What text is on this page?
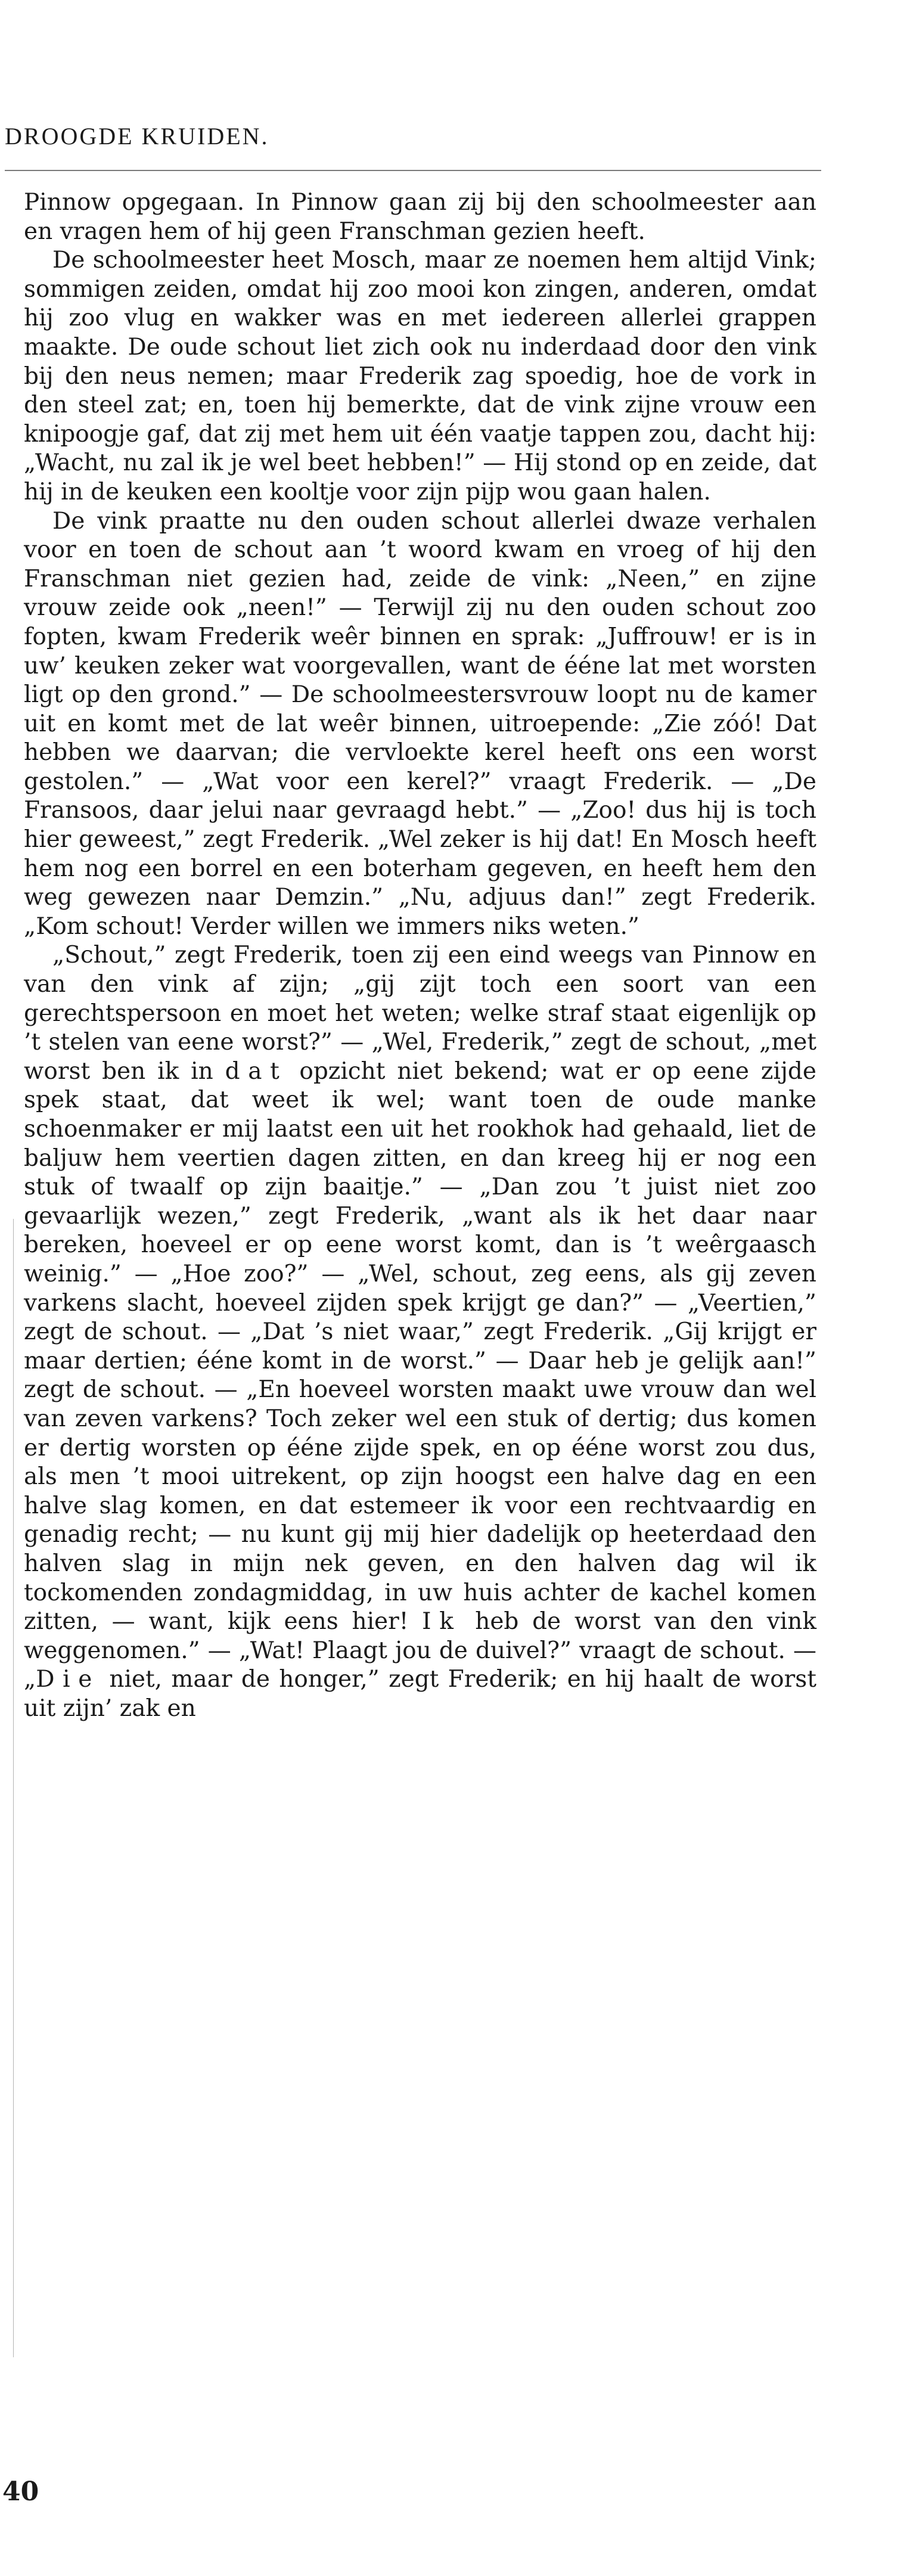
DROOGDE KRUIDEN.

Pinnow opgegaan. In Pinnow gaan zij bij den schoolmeester aan en vragen hem of hij geen Franschman gezien heeft.

De schoolmeester heet Mosch, maar ze noemen hem altijd Vink; sommigen zeiden, omdat hij zoo mooi kon zingen, anderen, omdat hij zoo vlug en wakker was en met iedereen allerlei grappen maakte. De oude schout liet zich ook nu inderdaad door den vink bij den neus nemen; maar Frederik zag spoedig, hoe de vork in den steel zat; en, toen hij bemerkte, dat de vink zijne vrouw een knipoogje gaf, dat zij met hem uit één vaatje tappen zou, dacht hij: „Wacht, nu zal ik je wel beet hebben!” — Hij stond op en zeide, dat hij in de keuken een kooltje voor zijn pijp wou gaan halen.

De vink praatte nu den ouden schout allerlei dwaze verhalen voor en toen de schout aan ’t woord kwam en vroeg of hij den Franschman niet gezien had, zeide de vink: „Neen,” en zijne vrouw zeide ook „neen!” — Terwijl zij nu den ouden schout zoo fopten, kwam Frederik weêr binnen en sprak: „Juffrouw! er is in uw’ keuken zeker wat voorgevallen, want de ééne lat met worsten ligt op den grond.” — De schoolmeestersvrouw loopt nu de kamer uit en komt met de lat weêr binnen, uitroepende: „Zie zóó! Dat hebben we daarvan; die vervloekte kerel heeft ons een worst gestolen.” — „Wat voor een kerel?” vraagt Frederik. — „De Fransoos, daar jelui naar gevraagd hebt.” — „Zoo! dus hij is toch hier geweest,” zegt Frederik. „Wel zeker is hij dat! En Mosch heeft hem nog een borrel en een boterham gegeven, en heeft hem den weg gewezen naar Demzin.” „Nu, adjuus dan!” zegt Frederik. „Kom schout! Verder willen we immers niks weten.”

„Schout,” zegt Frederik, toen zij een eind weegs van Pinnow en van den vink af zijn; „gij zijt toch een soort van een gerechtspersoon en moet het weten; welke straf staat eigenlijk op ’t stelen van eene worst?” — „Wel, Frederik,” zegt de schout, „met worst ben ik in dat opzicht niet bekend; wat er op eene zijde spek staat, dat weet ik wel; want toen de oude manke schoenmaker er mij laatst een uit het rookhok had gehaald, liet de baljuw hem veertien dagen zitten, en dan kreeg hij er nog een stuk of twaalf op zijn baaitje.” — „Dan zou ’t juist niet zoo gevaarlijk wezen,” zegt Frederik, „want als ik het daar naar bereken, hoeveel er op eene worst komt, dan is ’t weêrgaasch weinig.” — „Hoe zoo?” — „Wel, schout, zeg eens, als gij zeven varkens slacht, hoeveel zijden spek krijgt ge dan?” — „Veertien,” zegt de schout. — „Dat ’s niet waar,” zegt Frederik. „Gij krijgt er maar dertien; ééne komt in de worst.” — Daar heb je gelijk aan!” zegt de schout. — „En hoeveel worsten maakt uwe vrouw dan wel van zeven varkens? Toch zeker wel een stuk of dertig; dus komen er dertig worsten op ééne zijde spek, en op ééne worst zou dus, als men ’t mooi uitrekent, op zijn hoogst een halve dag en een halve slag komen, en dat estemeer ik voor een rechtvaardig en genadig recht; — nu kunt gij mij hier dadelijk op heeterdaad den halven slag in mijn nek geven, en den halven dag wil ik tockomenden zondagmiddag, in uw huis achter de kachel komen zitten, — want, kijk eens hier! Ik heb de worst van den vink weggenomen.” — „Wat! Plaagt jou de duivel?” vraagt de schout. — „Die niet, maar de honger,” zegt Frederik; en hij haalt de worst uit zijn’ zak en

40
